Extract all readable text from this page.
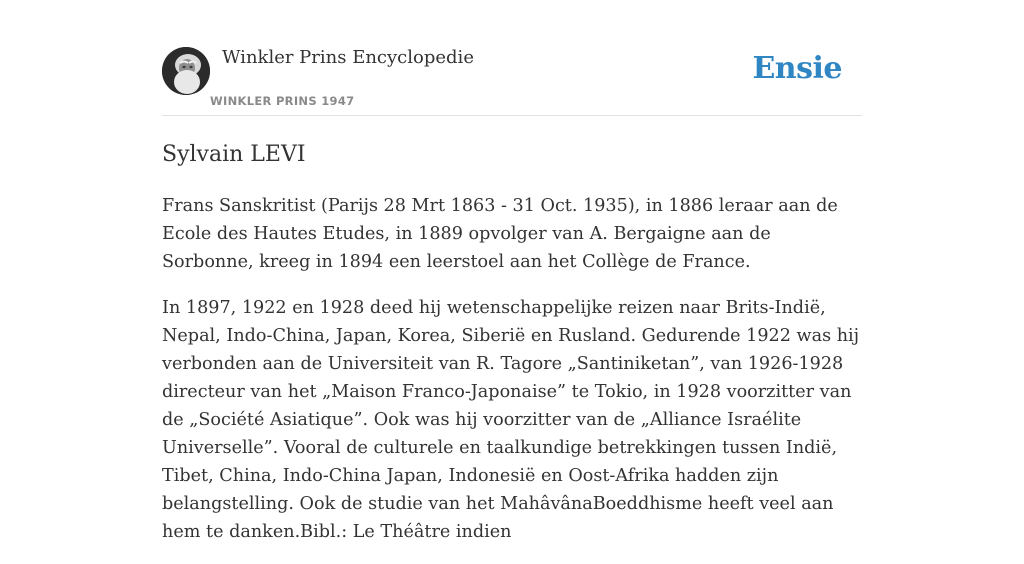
Winkler Prins Encyclopedie
WINKLER PRINS 1947
Ensie
Sylvain LEVI

Frans Sanskritist (Parijs 28 Mrt 1863 - 31 Oct. 1935), in 1886 leraar aan de Ecole des Hautes Etudes, in 1889 opvolger van A. Bergaigne aan de Sorbonne, kreeg in 1894 een leerstoel aan het Collège de France.

In 1897, 1922 en 1928 deed hij wetenschappelijke reizen naar Brits-Indië, Nepal, Indo-China, Japan, Korea, Siberië en Rusland. Gedurende 1922 was hij verbonden aan de Universiteit van R. Tagore „Santiniketan”, van 1926-1928 directeur van het „Maison Franco-Japonaise” te Tokio, in 1928 voorzitter van de „Société Asiatique”. Ook was hij voorzitter van de „Alliance Israélite Universelle”. Vooral de culturele en taalkundige betrekkingen tussen Indië, Tibet, China, Indo-China Japan, Indonesië en Oost-Afrika hadden zijn belangstelling. Ook de studie van het MahâvânaBoeddhisme heeft veel aan hem te danken.Bibl.: Le Théâtre indien
